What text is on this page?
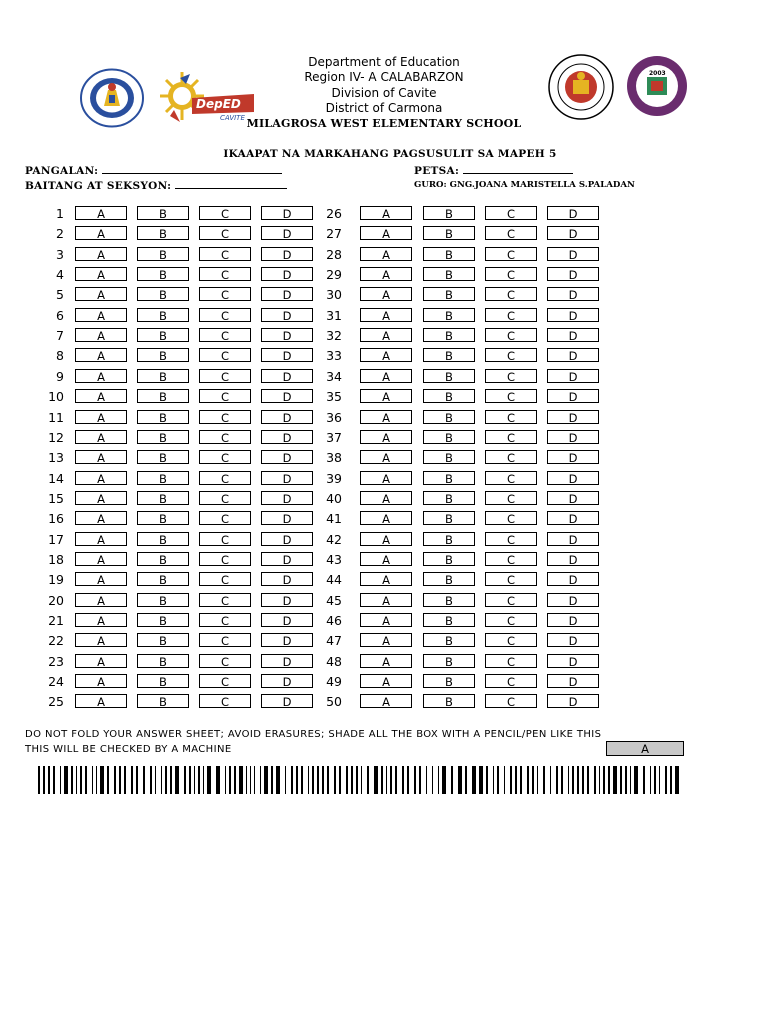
DepED
CAVITE
2003
Department of Education
Region IV- A CALABARZON
Division of Cavite
District of Carmona
MILAGROSA WEST ELEMENTARY SCHOOL
IKAAPAT NA MARKAHANG PAGSUSULIT SA MAPEH 5
PANGALAN:
BAITANG AT SEKSYON:
PETSA:
GURO: GNG.JOANA MARISTELLA S.PALADAN
1	A	B	C	D
2	A	B	C	D
3	A	B	C	D
4	A	B	C	D
5	A	B	C	D
6	A	B	C	D
7	A	B	C	D
8	A	B	C	D
9	A	B	C	D
10	A	B	C	D
11	A	B	C	D
12	A	B	C	D
13	A	B	C	D
14	A	B	C	D
15	A	B	C	D
16	A	B	C	D
17	A	B	C	D
18	A	B	C	D
19	A	B	C	D
20	A	B	C	D
21	A	B	C	D
22	A	B	C	D
23	A	B	C	D
24	A	B	C	D
25	A	B	C	D
26	A	B	C	D
27	A	B	C	D
28	A	B	C	D
29	A	B	C	D
30	A	B	C	D
31	A	B	C	D
32	A	B	C	D
33	A	B	C	D
34	A	B	C	D
35	A	B	C	D
36	A	B	C	D
37	A	B	C	D
38	A	B	C	D
39	A	B	C	D
40	A	B	C	D
41	A	B	C	D
42	A	B	C	D
43	A	B	C	D
44	A	B	C	D
45	A	B	C	D
46	A	B	C	D
47	A	B	C	D
48	A	B	C	D
49	A	B	C	D
50	A	B	C	D
DO NOT FOLD YOUR ANSWER SHEET; AVOID ERASURES; SHADE ALL THE BOX WITH A PENCIL/PEN LIKE THIS
THIS WILL BE CHECKED BY A MACHINE	A
